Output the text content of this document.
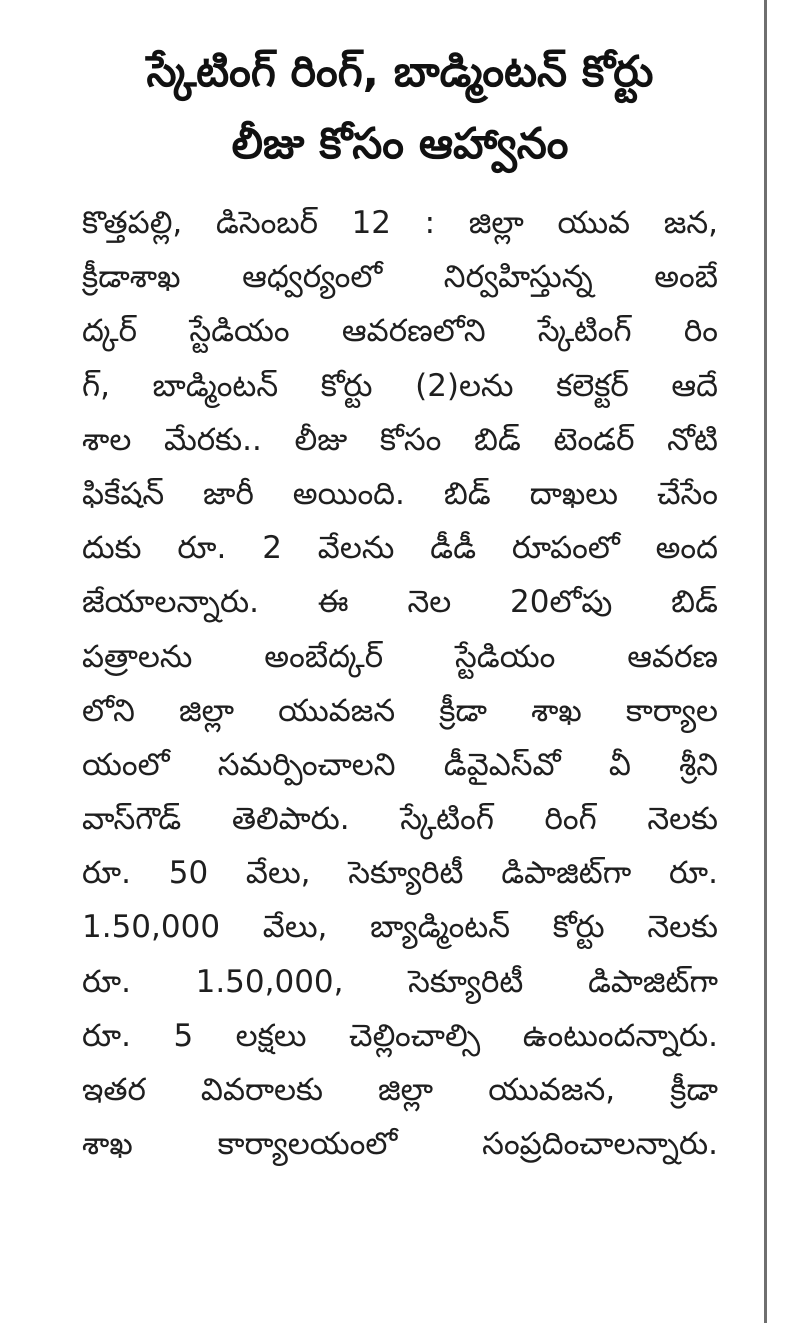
స్కేటింగ్ రింగ్, బాడ్మింటన్ కోర్టు
లీజు కోసం ఆహ్వానం
కొత్తపల్లి, డిసెంబర్ 12 : జిల్లా యువ జన,
క్రీడాశాఖ ఆధ్వర్యంలో నిర్వహిస్తున్న అంబే
ద్కర్ స్టేడియం ఆవరణలోని స్కేటింగ్ రిం
గ్, బాడ్మింటన్ కోర్టు (2)లను కలెక్టర్ ఆదే
శాల మేరకు.. లీజు కోసం బిడ్ టెండర్ నోటి
ఫికేషన్ జారీ అయింది. బిడ్ దాఖలు చేసేం
దుకు రూ. 2 వేలను డీడీ రూపంలో అంద
జేయాలన్నారు. ఈ నెల 20లోపు బిడ్
పత్రాలను అంబేద్కర్ స్టేడియం ఆవరణ
లోని జిల్లా యువజన క్రీడా శాఖ కార్యాల
యంలో సమర్పించాలని డీవైఎస్‌వో వీ శ్రీని
వాస్‌గౌడ్ తెలిపారు. స్కేటింగ్ రింగ్ నెలకు
రూ. 50 వేలు, సెక్యూరిటీ డిపాజిట్‌గా రూ.
1.50,000 వేలు, బ్యాడ్మింటన్ కోర్టు నెలకు
రూ. 1.50,000, సెక్యూరిటీ డిపాజిట్‌గా
రూ. 5 లక్షలు చెల్లించాల్సి ఉంటుందన్నారు.
ఇతర వివరాలకు జిల్లా యువజన, క్రీడా
శాఖ కార్యాలయంలో సంప్రదించాలన్నారు.
